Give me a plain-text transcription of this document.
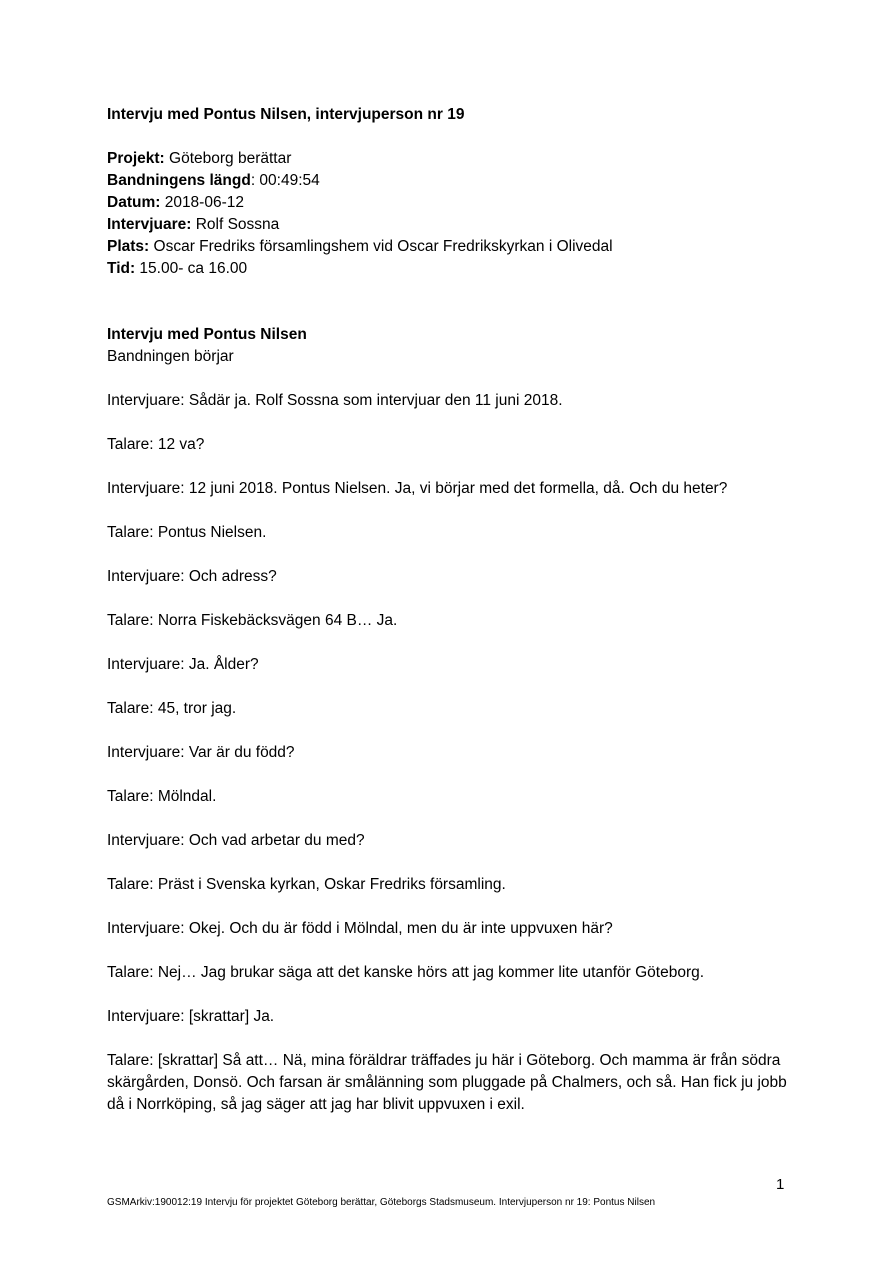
Intervju med Pontus Nilsen, intervjuperson nr 19

Projekt: Göteborg berättar

Bandningens längd: 00:49:54

Datum: 2018-06-12

Intervjuare: Rolf Sossna

Plats: Oscar Fredriks församlingshem vid Oscar Fredrikskyrkan i Olivedal

Tid: 15.00- ca 16.00

Intervju med Pontus Nilsen

Bandningen börjar

Intervjuare: Sådär ja. Rolf Sossna som intervjuar den 11 juni 2018.

Talare: 12 va?

Intervjuare: 12 juni 2018. Pontus Nielsen. Ja, vi börjar med det formella, då. Och du heter?

Talare: Pontus Nielsen.

Intervjuare: Och adress?

Talare: Norra Fiskebäcksvägen 64 B… Ja.

Intervjuare: Ja. Ålder?

Talare: 45, tror jag.

Intervjuare: Var är du född?

Talare: Mölndal.

Intervjuare: Och vad arbetar du med?

Talare: Präst i Svenska kyrkan, Oskar Fredriks församling.

Intervjuare: Okej. Och du är född i Mölndal, men du är inte uppvuxen här?

Talare: Nej… Jag brukar säga att det kanske hörs att jag kommer lite utanför Göteborg.

Intervjuare: [skrattar] Ja.

Talare: [skrattar] Så att… Nä, mina föräldrar träffades ju här i Göteborg. Och mamma är från södra skärgården, Donsö. Och farsan är smålänning som pluggade på Chalmers, och så. Han fick ju jobb då i Norrköping, så jag säger att jag har blivit uppvuxen i exil.

1
GSMArkiv:190012:19 Intervju för projektet Göteborg berättar, Göteborgs Stadsmuseum. Intervjuperson nr 19: Pontus Nilsen
